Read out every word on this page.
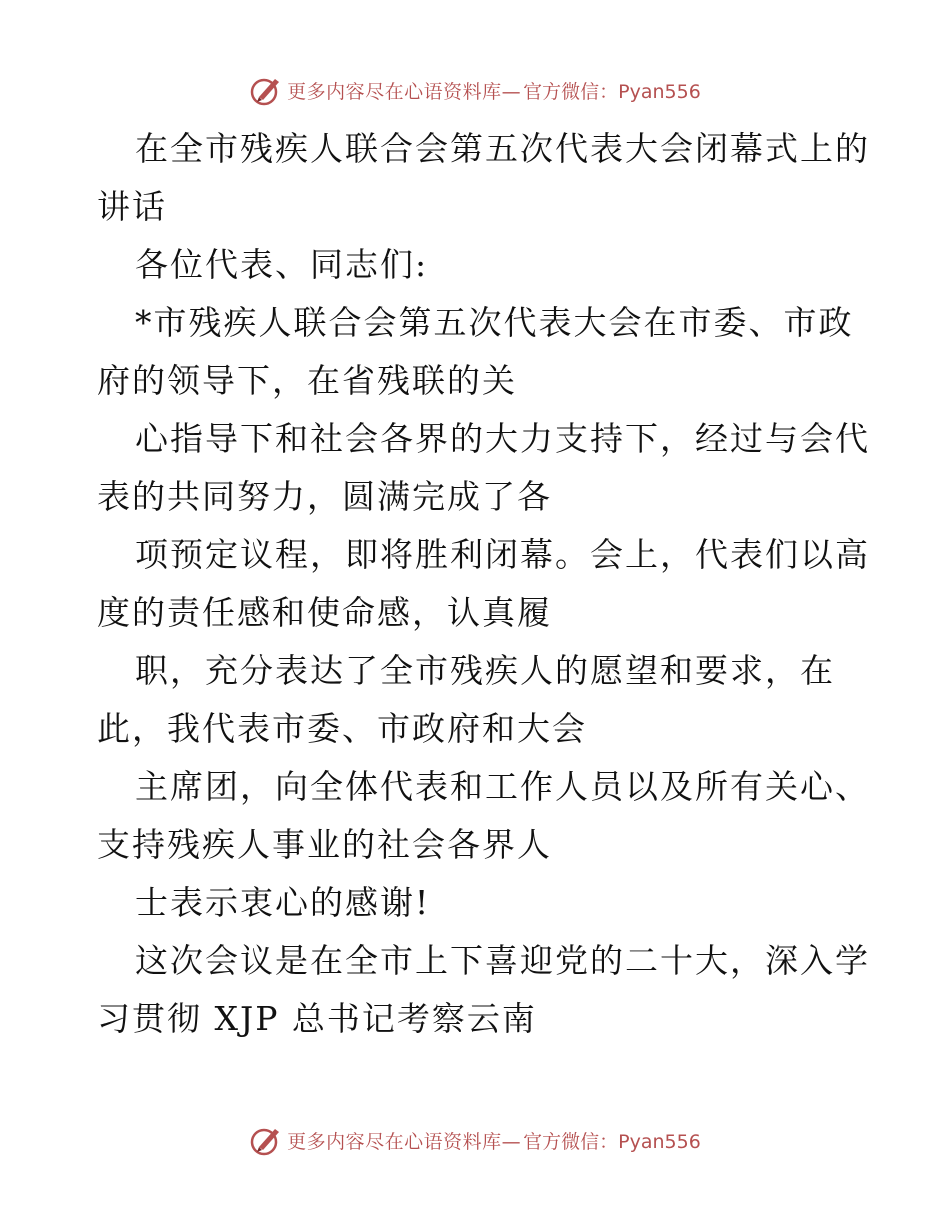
更多内容尽在心语资料库— 官方微信：Pyan556
在全市残疾人联合会第五次代表大会闭幕式上的
讲话
各位代表、同志们:
*市残疾人联合会第五次代表大会在市委、市政
府的领导下，在省残联的关
心指导下和社会各界的大力支持下，经过与会代
表的共同努力，圆满完成了各
项预定议程，即将胜利闭幕。会上，代表们以高
度的责任感和使命感，认真履
职，充分表达了全市残疾人的愿望和要求，在
此，我代表市委、市政府和大会
主席团，向全体代表和工作人员以及所有关心、
支持残疾人事业的社会各界人
士表示衷心的感谢!
这次会议是在全市上下喜迎党的二十大，深入学
习贯彻 XJP 总书记考察云南
更多内容尽在心语资料库— 官方微信：Pyan556
